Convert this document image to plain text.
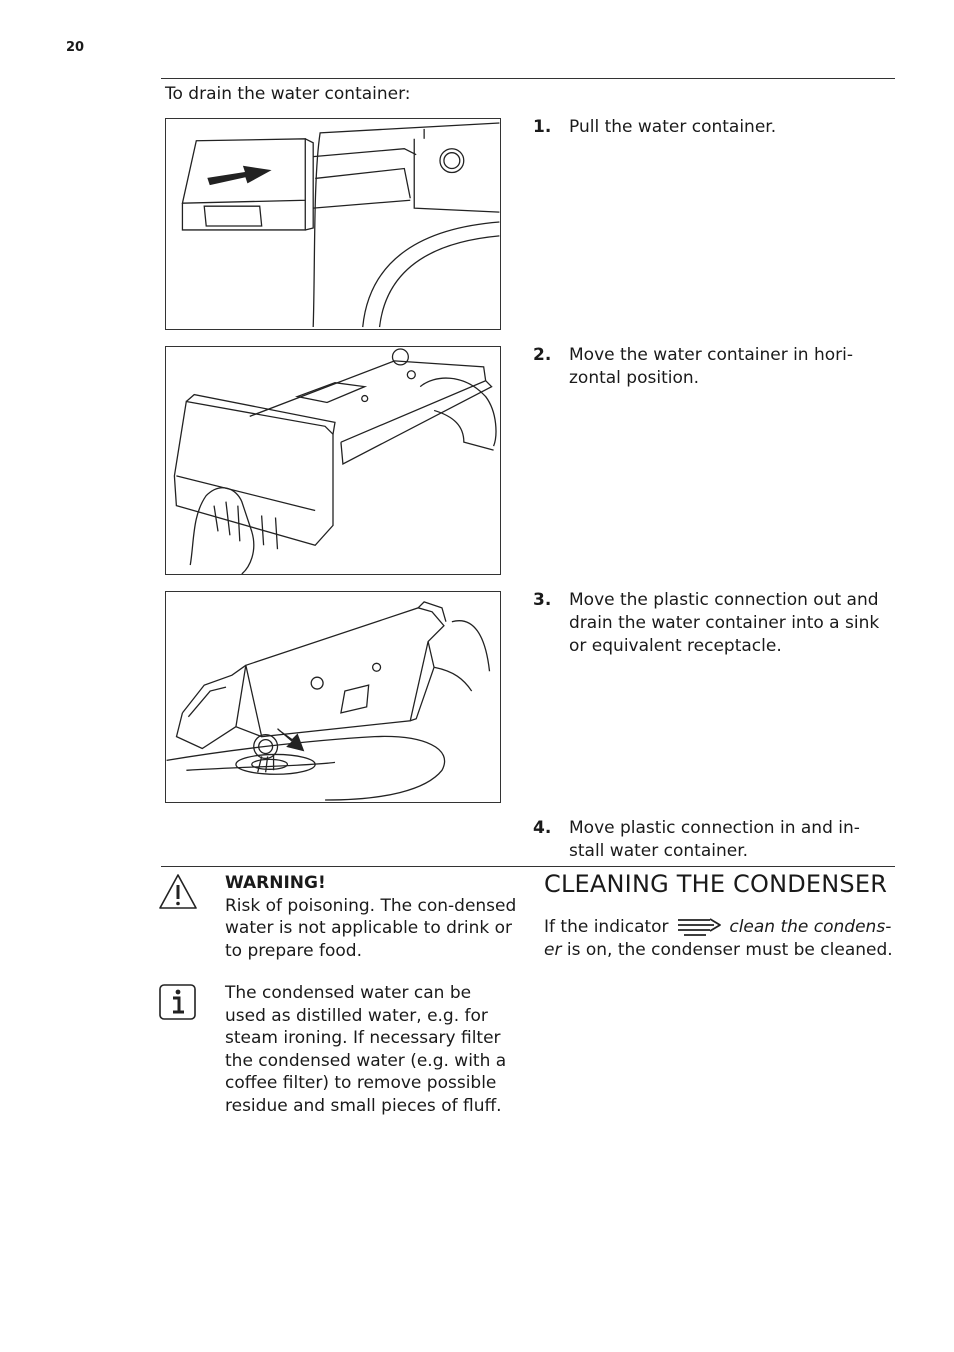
20
To drain the water container:
1. Pull the water container.
2. Move the water container in hori-
zontal position.
3. Move the plastic connection out and drain the water container into a sink or equivalent receptacle.
4. Move plastic connection in and in-
stall water container.
WARNING!
Risk of poisoning. The con-densed water is not applicable to drink or to prepare food.
The condensed water can be used as distilled water, e.g. for steam ironing. If necessary filter the condensed water (e.g. with a coffee filter) to remove possible residue and small pieces of fluff.
CLEANING THE CONDENSER
If the indicator	clean the condens-er is on, the condenser must be cleaned.
